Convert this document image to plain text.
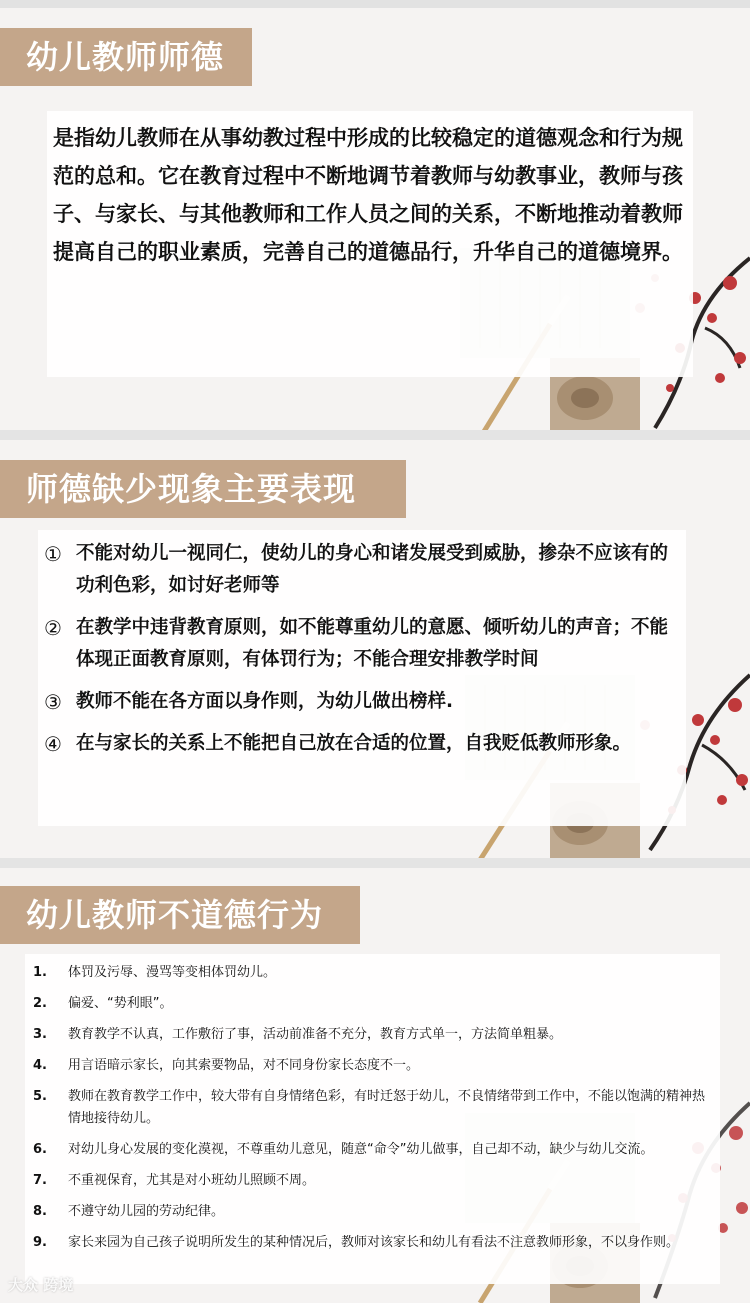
幼儿教师师德

是指幼儿教师在从事幼教过程中形成的比较稳定的道德观念和行为规范的总和。它在教育过程中不断地调节着教师与幼教事业，教师与孩子、与家长、与其他教师和工作人员之间的关系，不断地推动着教师提高自己的职业素质，完善自己的道德品行，升华自己的道德境界。

师德缺少现象主要表现
① 不能对幼儿一视同仁，使幼儿的身心和诸发展受到威胁，掺杂不应该有的功利色彩，如讨好老师等
② 在教学中违背教育原则，如不能尊重幼儿的意愿、倾听幼儿的声音；不能体现正面教育原则，有体罚行为；不能合理安排教学时间
③ 教师不能在各方面以身作则，为幼儿做出榜样.
④ 在与家长的关系上不能把自己放在合适的位置，自我贬低教师形象。
幼儿教师不道德行为
1. 体罚及污辱、漫骂等变相体罚幼儿。
2. 偏爱、“势利眼”。
3. 教育教学不认真，工作敷衍了事，活动前准备不充分，教育方式单一，方法简单粗暴。
4. 用言语暗示家长，向其索要物品，对不同身份家长态度不一。
5. 教师在教育教学工作中，较大带有自身情绪色彩，有时迁怒于幼儿，不良情绪带到工作中，不能以饱满的精神热情地接待幼儿。
6. 对幼儿身心发展的变化漠视，不尊重幼儿意见，随意“命令”幼儿做事，自己却不动，缺少与幼儿交流。
7. 不重视保育，尤其是对小班幼儿照顾不周。
8. 不遵守幼儿园的劳动纪律。
9. 家长来园为自己孩子说明所发生的某种情况后，教师对该家长和幼儿有看法不注意教师形象，不以身作则。
大众 跨境
